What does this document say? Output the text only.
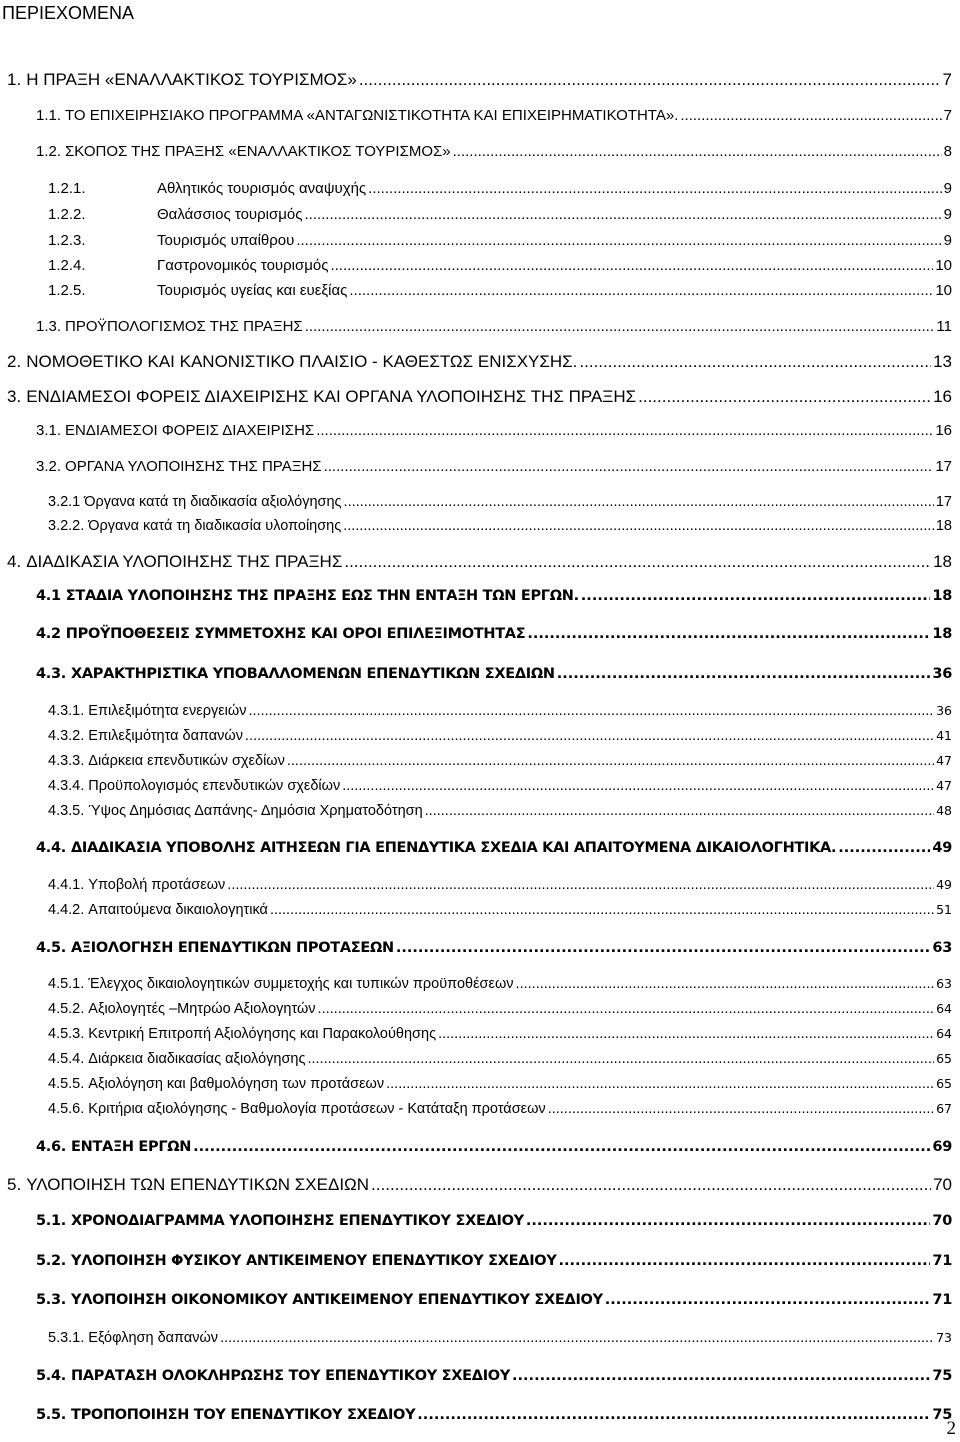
ΠΕΡΙΕΧΟΜΕΝΑ
1. Η ΠΡΑΞΗ «ΕΝΑΛΛΑΚΤΙΚΟΣ ΤΟΥΡΙΣΜΟΣ» .....	7
1.1. ΤΟ ΕΠΙΧΕΙΡΗΣΙΑΚΟ ΠΡΟΓΡΑΜΜΑ «ΑΝΤΑΓΩΝΙΣΤΙΚΟΤΗΤΑ ΚΑΙ ΕΠΙΧΕΙΡΗΜΑΤΙΚΟΤΗΤΑ». .....	7
1.2. ΣΚΟΠΟΣ ΤΗΣ ΠΡΑΞΗΣ «ΕΝΑΛΛΑΚΤΙΚΟΣ ΤΟΥΡΙΣΜΟΣ» .....	8
1.2.1.	Αθλητικός τουρισμός αναψυχής .....	9
1.2.2.	Θαλάσσιος τουρισμός .....	9
1.2.3.	Τουρισμός υπαίθρου .....	9
1.2.4.	Γαστρονομικός τουρισμός .....	10
1.2.5.	Τουρισμός υγείας και ευεξίας .....	10
1.3. ΠΡΟΫΠΟΛΟΓΙΣΜΟΣ ΤΗΣ ΠΡΑΞΗΣ .....	11
2. ΝΟΜΟΘΕΤΙΚΟ ΚΑΙ ΚΑΝΟΝΙΣΤΙΚΟ ΠΛΑΙΣΙΟ - ΚΑΘΕΣΤΩΣ ΕΝΙΣΧΥΣΗΣ. .....	13
3. ΕΝΔΙΑΜΕΣΟΙ ΦΟΡΕΙΣ ΔΙΑΧΕΙΡΙΣΗΣ ΚΑΙ ΟΡΓΑΝΑ ΥΛΟΠΟΙΗΣΗΣ ΤΗΣ ΠΡΑΞΗΣ .....	16
3.1. ΕΝΔΙΑΜΕΣΟΙ ΦΟΡΕΙΣ ΔΙΑΧΕΙΡΙΣΗΣ .....	16
3.2. ΟΡΓΑΝΑ ΥΛΟΠΟΙΗΣΗΣ ΤΗΣ ΠΡΑΞΗΣ .....	17
3.2.1 Όργανα κατά τη διαδικασία αξιολόγησης .....	17
3.2.2. Όργανα κατά τη διαδικασία υλοποίησης .....	18
4. ΔΙΑΔΙΚΑΣΙΑ ΥΛΟΠΟΙΗΣΗΣ ΤΗΣ ΠΡΑΞΗΣ .....	18
4.1 ΣΤΑΔΙΑ ΥΛΟΠΟΙΗΣΗΣ ΤΗΣ ΠΡΑΞΗΣ ΕΩΣ ΤΗΝ ΕΝΤΑΞΗ ΤΩΝ ΕΡΓΩΝ. .....	18
4.2 ΠΡΟΫΠΟΘΕΣΕΙΣ ΣΥΜΜΕΤΟΧΗΣ ΚΑΙ ΟΡΟΙ ΕΠΙΛΕΞΙΜΟΤΗΤΑΣ .....	18
4.3. ΧΑΡΑΚΤΗΡΙΣΤΙΚΑ ΥΠΟΒΑΛΛΟΜΕΝΩΝ ΕΠΕΝΔΥΤΙΚΩΝ ΣΧΕΔΙΩΝ .....	36
4.3.1. Επιλεξιμότητα ενεργειών .....	36
4.3.2. Επιλεξιμότητα δαπανών .....	41
4.3.3. Διάρκεια επενδυτικών σχεδίων .....	47
4.3.4. Προϋπολογισμός επενδυτικών σχεδίων .....	47
4.3.5. Ύψος Δημόσιας Δαπάνης- Δημόσια Χρηματοδότηση .....	48
4.4. ΔΙΑΔΙΚΑΣΙΑ ΥΠΟΒΟΛΗΣ ΑΙΤΗΣΕΩΝ ΓΙΑ ΕΠΕΝΔΥΤΙΚΑ ΣΧΕΔΙΑ ΚΑΙ ΑΠΑΙΤΟΥΜΕΝΑ ΔΙΚΑΙΟΛΟΓΗΤΙΚΑ. .....	49
4.4.1. Υποβολή προτάσεων .....	49
4.4.2. Απαιτούμενα δικαιολογητικά .....	51
4.5. ΑΞΙΟΛΟΓΗΣΗ ΕΠΕΝΔΥΤΙΚΩΝ ΠΡΟΤΑΣΕΩΝ .....	63
4.5.1. Έλεγχος δικαιολογητικών συμμετοχής και τυπικών προϋποθέσεων .....	63
4.5.2. Αξιολογητές –Μητρώο Αξιολογητών .....	64
4.5.3. Κεντρική Επιτροπή Αξιολόγησης και Παρακολούθησης .....	64
4.5.4. Διάρκεια διαδικασίας αξιολόγησης .....	65
4.5.5. Αξιολόγηση και βαθμολόγηση των προτάσεων .....	65
4.5.6. Κριτήρια αξιολόγησης - Βαθμολογία προτάσεων - Κατάταξη προτάσεων .....	67
4.6. ΕΝΤΑΞΗ ΕΡΓΩΝ .....	69
5. ΥΛΟΠΟΙΗΣΗ ΤΩΝ ΕΠΕΝΔΥΤΙΚΩΝ ΣΧΕΔΙΩΝ .....	70
5.1. ΧΡΟΝΟΔΙΑΓΡΑΜΜΑ ΥΛΟΠΟΙΗΣΗΣ ΕΠΕΝΔΥΤΙΚΟΥ ΣΧΕΔΙΟΥ .....	70
5.2. ΥΛΟΠΟΙΗΣΗ ΦΥΣΙΚΟΥ ΑΝΤΙΚΕΙΜΕΝΟΥ ΕΠΕΝΔΥΤΙΚΟΥ ΣΧΕΔΙΟΥ .....	71
5.3. ΥΛΟΠΟΙΗΣΗ ΟΙΚΟΝΟΜΙΚΟΥ ΑΝΤΙΚΕΙΜΕΝΟΥ ΕΠΕΝΔΥΤΙΚΟΥ ΣΧΕΔΙΟΥ .....	71
5.3.1. Εξόφληση δαπανών .....	73
5.4. ΠΑΡΑΤΑΣΗ ΟΛΟΚΛΗΡΩΣΗΣ ΤΟΥ ΕΠΕΝΔΥΤΙΚΟΥ ΣΧΕΔΙΟΥ .....	75
5.5. ΤΡΟΠΟΠΟΙΗΣΗ ΤΟΥ ΕΠΕΝΔΥΤΙΚΟΥ ΣΧΕΔΙΟΥ .....	75
2
